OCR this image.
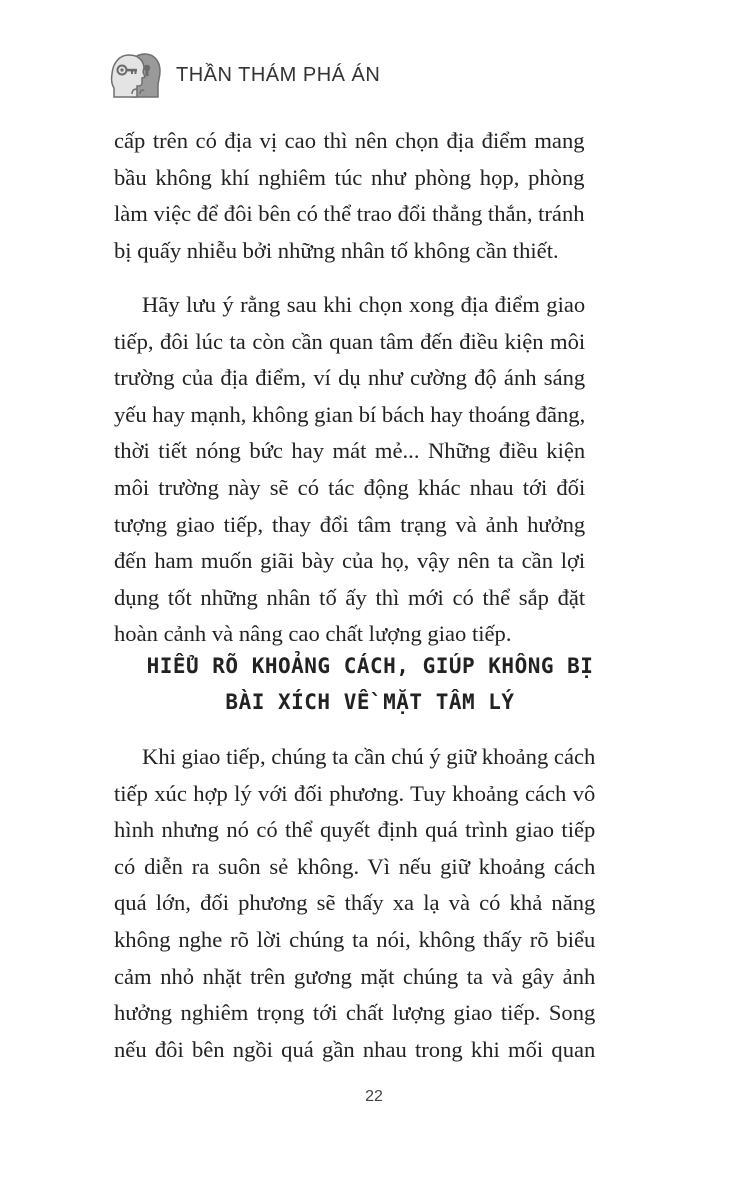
THẦN THÁM PHÁ ÁN

cấp trên có địa vị cao thì nên chọn địa điểm mang
bầu không khí nghiêm túc như phòng họp, phòng
làm việc để đôi bên có thể trao đổi thẳng thắn, tránh
bị quấy nhiễu bởi những nhân tố không cần thiết.

Hãy lưu ý rằng sau khi chọn xong địa điểm giao
tiếp, đôi lúc ta còn cần quan tâm đến điều kiện môi
trường của địa điểm, ví dụ như cường độ ánh sáng
yếu hay mạnh, không gian bí bách hay thoáng đãng,
thời tiết nóng bức hay mát mẻ... Những điều kiện
môi trường này sẽ có tác động khác nhau tới đối
tượng giao tiếp, thay đổi tâm trạng và ảnh hưởng
đến ham muốn giãi bày của họ, vậy nên ta cần lợi
dụng tốt những nhân tố ấy thì mới có thể sắp đặt
hoàn cảnh và nâng cao chất lượng giao tiếp.

Khi giao tiếp, chúng ta cần chú ý giữ khoảng cách
tiếp xúc hợp lý với đối phương. Tuy khoảng cách vô
hình nhưng nó có thể quyết định quá trình giao tiếp
có diễn ra suôn sẻ không. Vì nếu giữ khoảng cách
quá lớn, đối phương sẽ thấy xa lạ và có khả năng
không nghe rõ lời chúng ta nói, không thấy rõ biểu
cảm nhỏ nhặt trên gương mặt chúng ta và gây ảnh
hưởng nghiêm trọng tới chất lượng giao tiếp. Song
nếu đôi bên ngồi quá gần nhau trong khi mối quan

HIỂU RÕ KHOẢNG CÁCH, GIÚP KHÔNG BỊ
BÀI XÍCH VỀ MẶT TÂM LÝ
22
